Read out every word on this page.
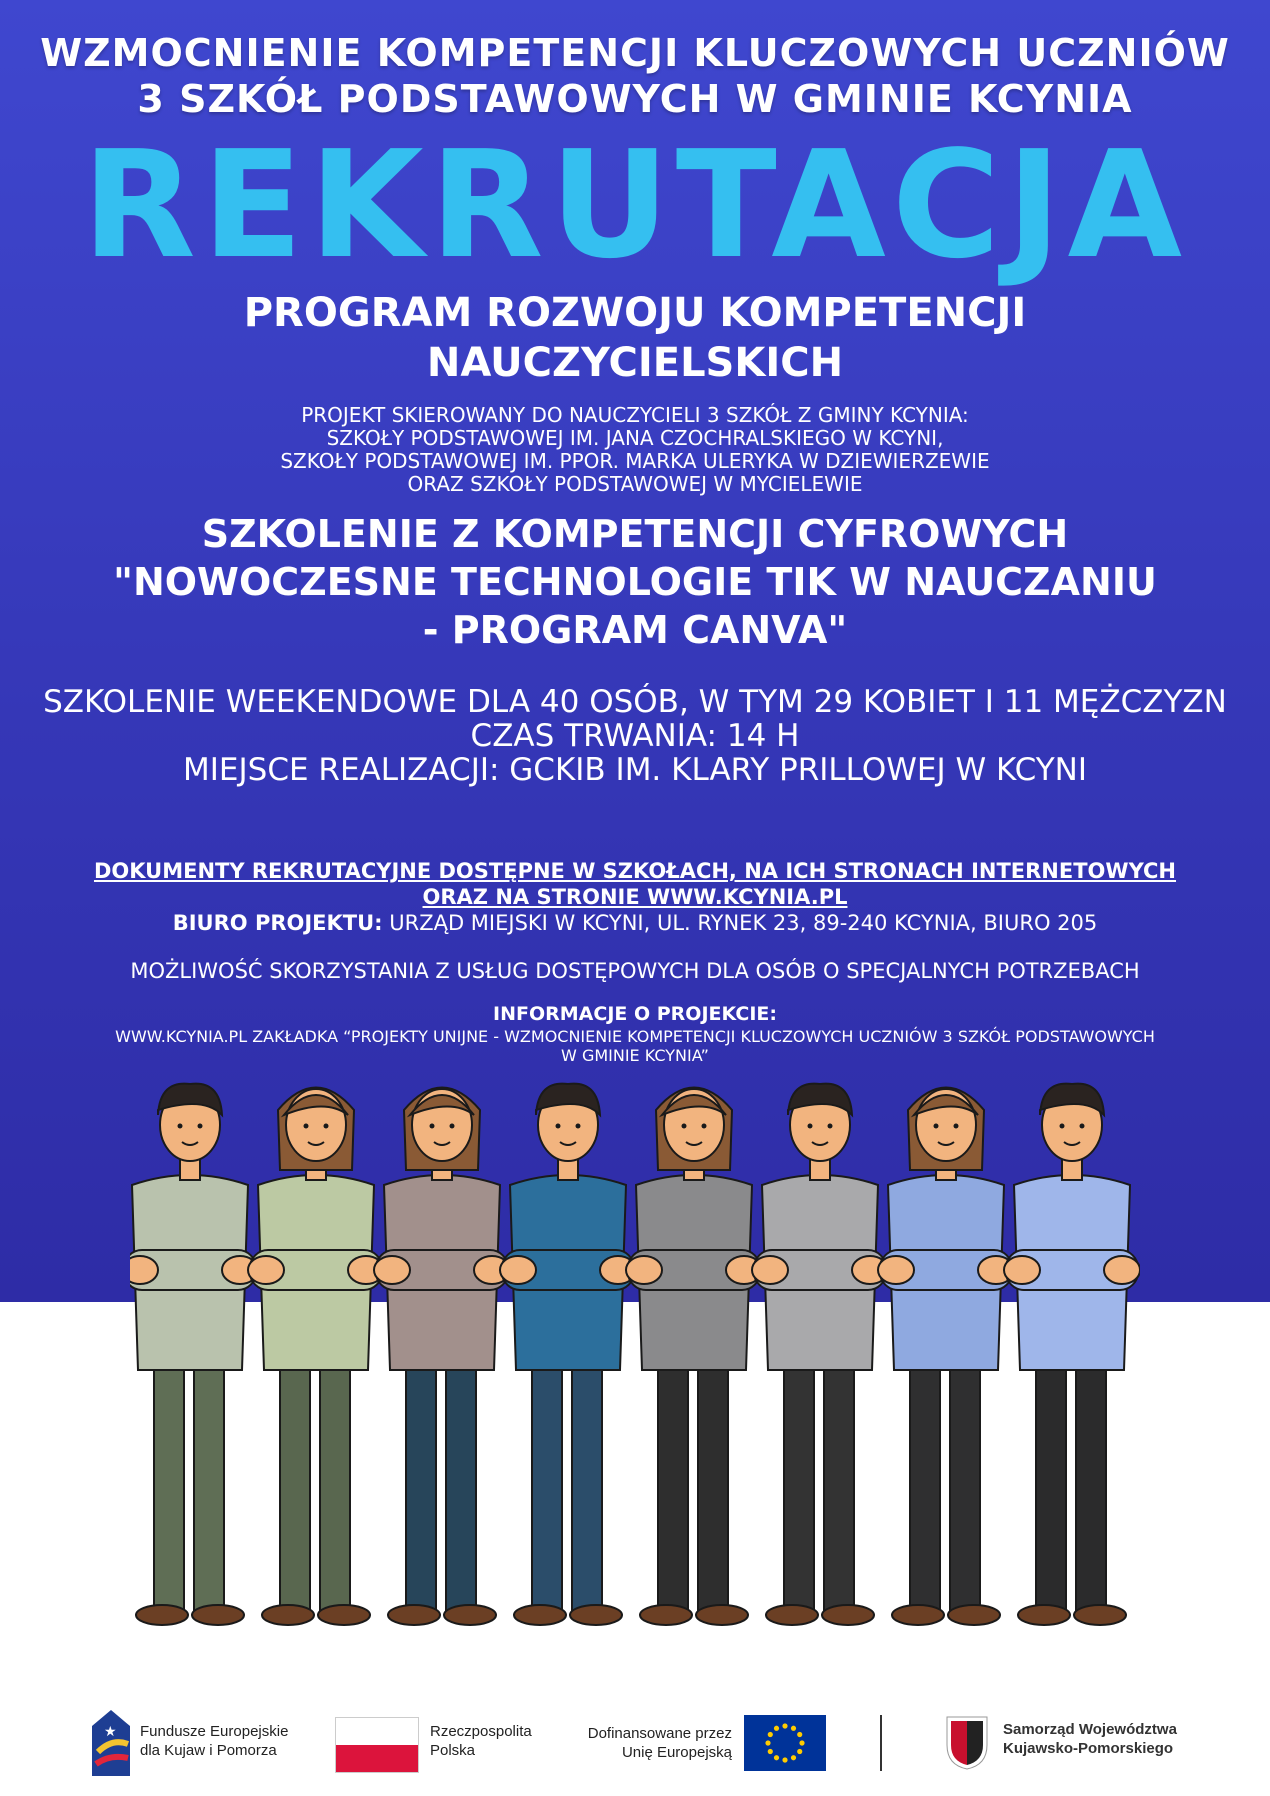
WZMOCNIENIE KOMPETENCJI KLUCZOWYCH UCZNIÓW
3 SZKÓŁ PODSTAWOWYCH W GMINIE KCYNIA
REKRUTACJA
PROGRAM ROZWOJU KOMPETENCJI
NAUCZYCIELSKICH
PROJEKT SKIEROWANY DO NAUCZYCIELI 3 SZKÓŁ Z GMINY KCYNIA:
SZKOŁY PODSTAWOWEJ IM. JANA CZOCHRALSKIEGO W KCYNI,
SZKOŁY PODSTAWOWEJ IM. PPOR. MARKA ULERYKA W DZIEWIERZEWIE
ORAZ SZKOŁY PODSTAWOWEJ W MYCIELEWIE
SZKOLENIE Z KOMPETENCJI CYFROWYCH
"NOWOCZESNE TECHNOLOGIE TIK W NAUCZANIU
- PROGRAM CANVA"
SZKOLENIE WEEKENDOWE DLA 40 OSÓB, W TYM 29 KOBIET I 11 MĘŻCZYZN
CZAS TRWANIA: 14 H
MIEJSCE REALIZACJI: GCKIB IM. KLARY PRILLOWEJ W KCYNI
DOKUMENTY REKRUTACYJNE DOSTĘPNE W SZKOŁACH, NA ICH STRONACH INTERNETOWYCH
ORAZ NA STRONIE WWW.KCYNIA.PL
BIURO PROJEKTU: URZĄD MIEJSKI W KCYNI, UL. RYNEK 23, 89-240 KCYNIA, BIURO 205
MOŻLIWOŚĆ SKORZYSTANIA Z USŁUG DOSTĘPOWYCH DLA OSÓB O SPECJALNYCH POTRZEBACH
INFORMACJE O PROJEKCIE:
WWW.KCYNIA.PL ZAKŁADKA “PROJEKTY UNIJNE - WZMOCNIENIE KOMPETENCJI KLUCZOWYCH UCZNIÓW 3 SZKÓŁ PODSTAWOWYCH
W GMINIE KCYNIA”
★ Fundusze Europejskie
dla Kujaw i Pomorza
Rzeczpospolita
Polska
Dofinansowane przez
Unię Europejską
Samorząd Województwa
Kujawsko-Pomorskiego
